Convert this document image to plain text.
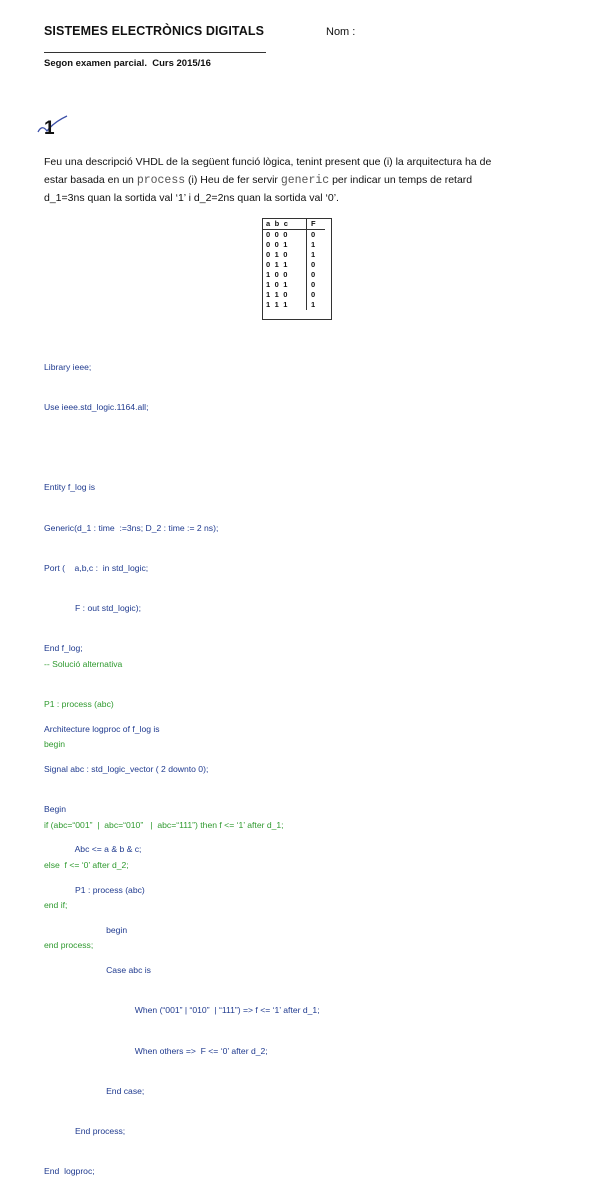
SISTEMES ELECTRÒNICS DIGITALS	Nom :
Segon examen parcial.  Curs 2015/16
1
Feu una descripció VHDL de la següent funció lògica, tenint present que (i) la arquitectura ha de
estar basada en un process (i) Heu de fer servir generic per indicar un temps de retard
d_1=3ns quan la sortida val ‘1’ i d_2=2ns quan la sortida val ‘0’.
a b c	F
0 0 0	0
0 0 1	1
0 1 0	1
0 1 1	0
1 0 0	0
1 0 1	0
1 1 0	0
1 1 1	1

Library ieee;

Use ieee.std_logic.1164.all;

Entity f_log is

Generic(d_1 : time  :=3ns; D_2 : time := 2 ns);

Port (    a,b,c :  in std_logic;

F : out std_logic);

End f_log;

Architecture logproc of f_log is

Signal abc : std_logic_vector ( 2 downto 0);

Begin

Abc <= a & b & c;

P1 : process (abc)

begin

Case abc is

When (“001” | “010”  | “111”) => f <= ‘1’ after d_1;

When others =>  F <= ‘0’ after d_2;

End case;

End process;

End  logproc;

-- Solució alternativa

P1 : process (abc)

begin

if (abc=“001”  |  abc=“010”   |  abc=“111”) then f <= ‘1’ after d_1;

else  f <= ‘0’ after d_2;

end if;

end process;
